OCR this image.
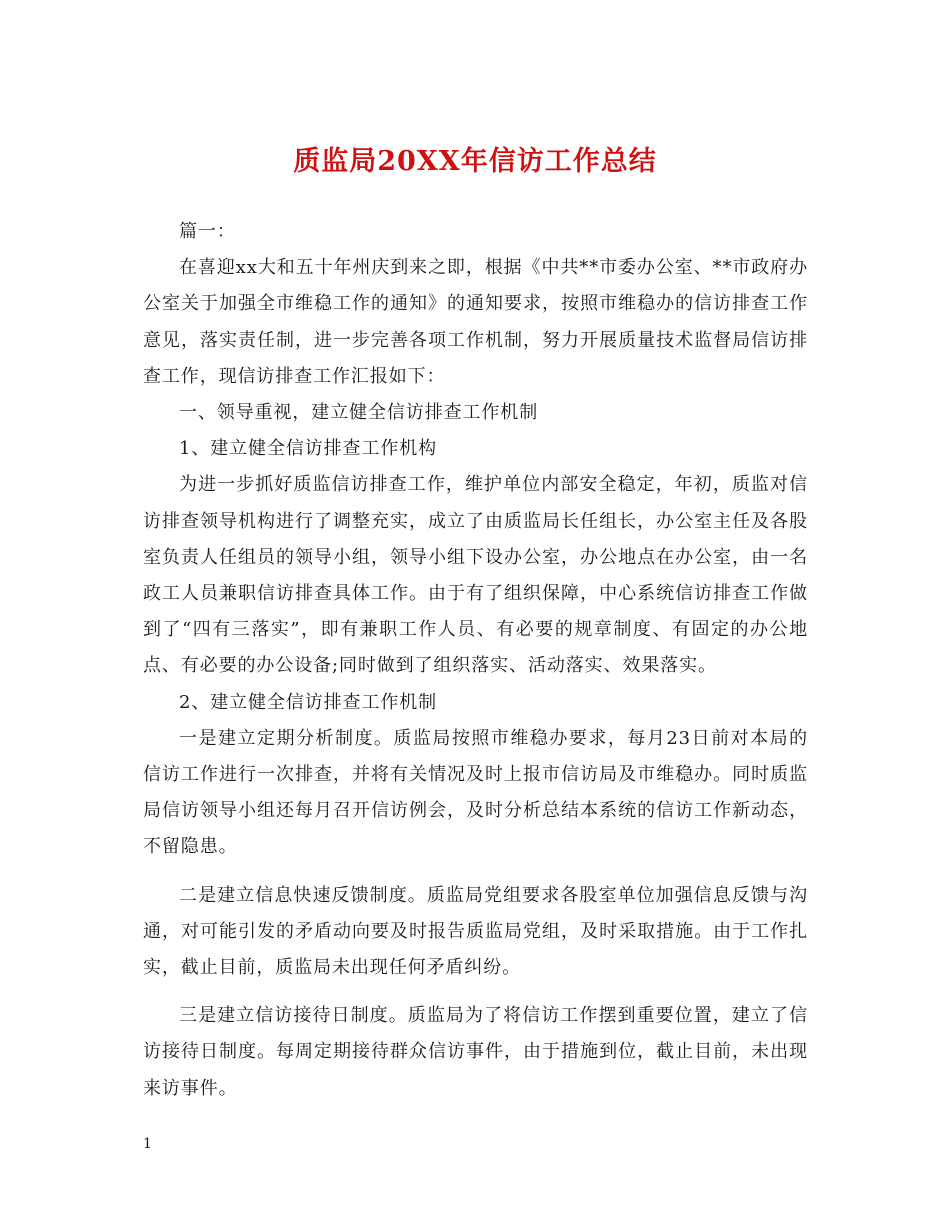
质监局20XX年信访工作总结

篇一：

在喜迎xx大和五十年州庆到来之即，根据《中共**市委办公室、**市政府办公室关于加强全市维稳工作的通知》的通知要求，按照市维稳办的信访排查工作意见，落实责任制，进一步完善各项工作机制，努力开展质量技术监督局信访排查工作，现信访排查工作汇报如下：

一、领导重视，建立健全信访排查工作机制

1、建立健全信访排查工作机构

为进一步抓好质监信访排查工作，维护单位内部安全稳定，年初，质监对信访排查领导机构进行了调整充实，成立了由质监局长任组长，办公室主任及各股室负责人任组员的领导小组，领导小组下设办公室，办公地点在办公室，由一名政工人员兼职信访排查具体工作。由于有了组织保障，中心系统信访排查工作做到了“四有三落实”，即有兼职工作人员、有必要的规章制度、有固定的办公地点、有必要的办公设备;同时做到了组织落实、活动落实、效果落实。

2、建立健全信访排查工作机制

一是建立定期分析制度。质监局按照市维稳办要求，每月23日前对本局的信访工作进行一次排查，并将有关情况及时上报市信访局及市维稳办。同时质监局信访领导小组还每月召开信访例会，及时分析总结本系统的信访工作新动态，不留隐患。

二是建立信息快速反馈制度。质监局党组要求各股室单位加强信息反馈与沟通，对可能引发的矛盾动向要及时报告质监局党组，及时采取措施。由于工作扎实，截止目前，质监局未出现任何矛盾纠纷。

三是建立信访接待日制度。质监局为了将信访工作摆到重要位置，建立了信访接待日制度。每周定期接待群众信访事件，由于措施到位，截止目前，未出现来访事件。

1
